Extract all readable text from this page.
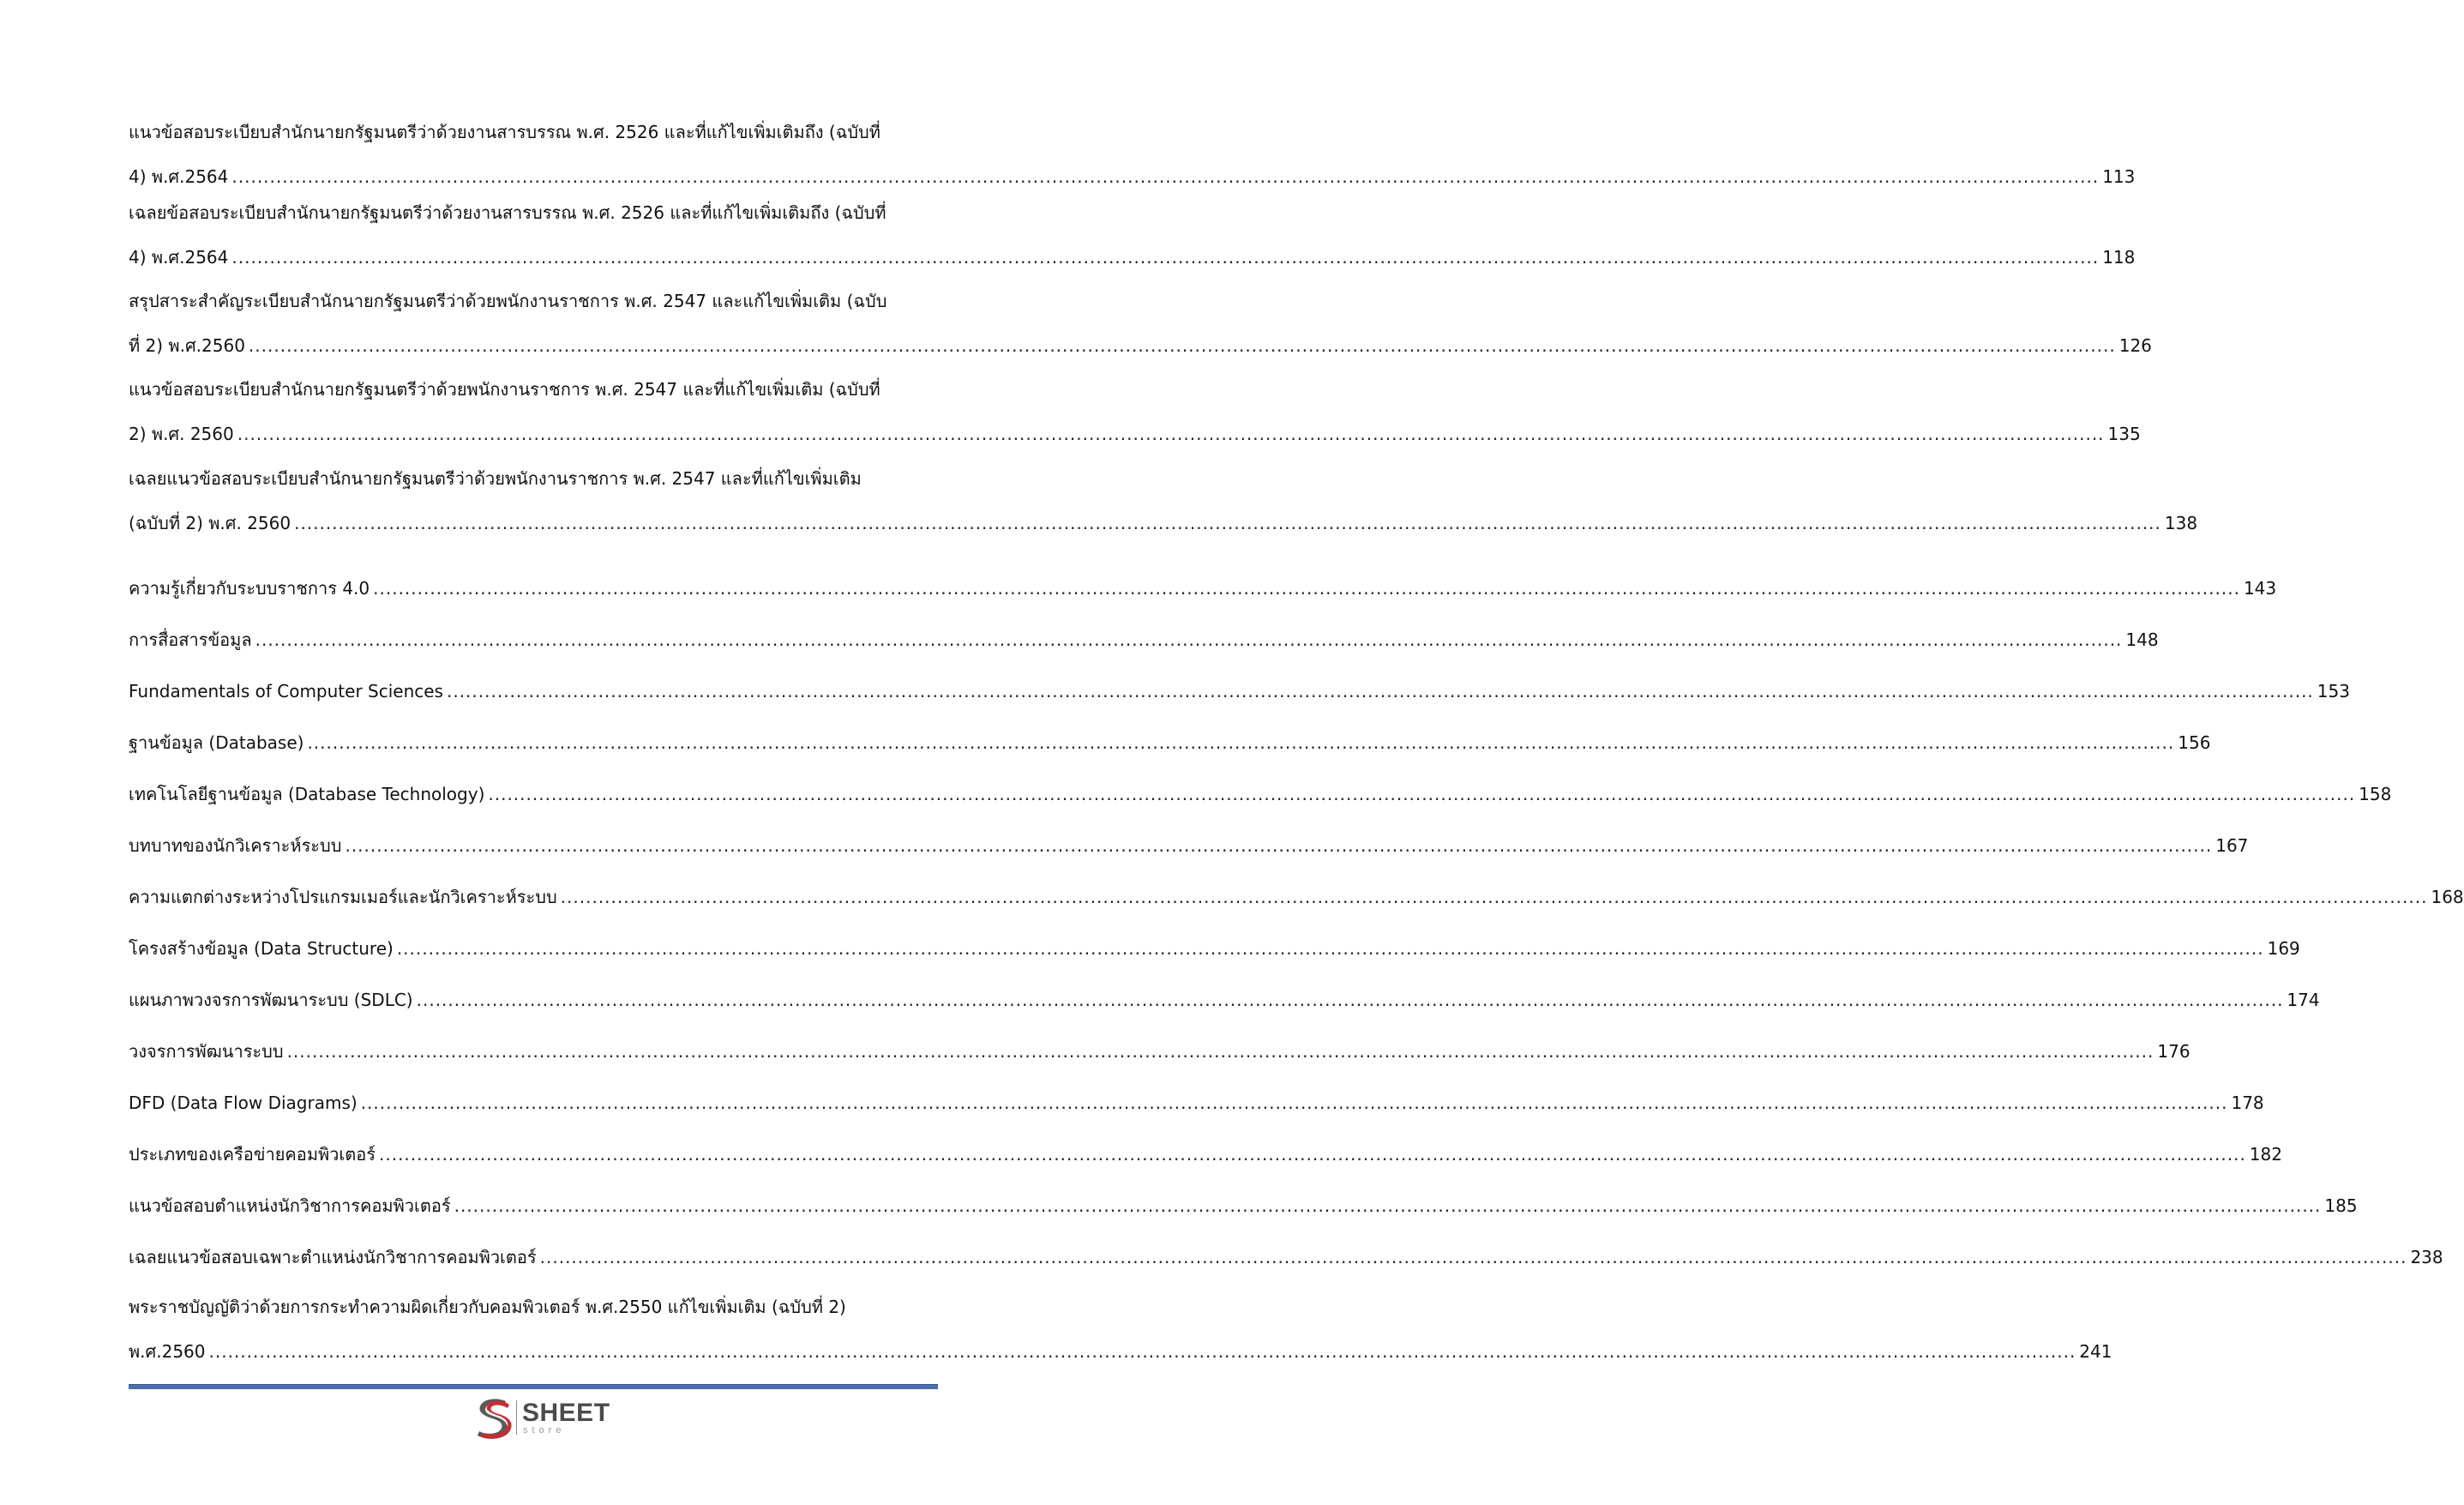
แนวข้อสอบระเบียบสำนักนายกรัฐมนตรีว่าด้วยงานสารบรรณ พ.ศ. 2526 และที่แก้ไขเพิ่มเติมถึง (ฉบับที่
4) พ.ศ.2564 .....	113
เฉลยข้อสอบระเบียบสำนักนายกรัฐมนตรีว่าด้วยงานสารบรรณ พ.ศ. 2526 และที่แก้ไขเพิ่มเติมถึง (ฉบับที่
4) พ.ศ.2564 .....	118
สรุปสาระสำคัญระเบียบสำนักนายกรัฐมนตรีว่าด้วยพนักงานราชการ พ.ศ. 2547 และแก้ไขเพิ่มเติม (ฉบับ
ที่ 2) พ.ศ.2560 .....	126
แนวข้อสอบระเบียบสำนักนายกรัฐมนตรีว่าด้วยพนักงานราชการ พ.ศ. 2547 และที่แก้ไขเพิ่มเติม (ฉบับที่
2) พ.ศ. 2560 .....	135
เฉลยแนวข้อสอบระเบียบสำนักนายกรัฐมนตรีว่าด้วยพนักงานราชการ พ.ศ. 2547 และที่แก้ไขเพิ่มเติม
(ฉบับที่ 2) พ.ศ. 2560 .....	138
ความรู้เกี่ยวกับระบบราชการ 4.0 .....	143
การสื่อสารข้อมูล .....	148
Fundamentals of Computer Sciences .....	153
ฐานข้อมูล (Database) .....	156
เทคโนโลยีฐานข้อมูล (Database Technology) .....	158
บทบาทของนักวิเคราะห์ระบบ .....	167
ความแตกต่างระหว่างโปรแกรมเมอร์และนักวิเคราะห์ระบบ .....	168
โครงสร้างข้อมูล (Data Structure) .....	169
แผนภาพวงจรการพัฒนาระบบ (SDLC) .....	174
วงจรการพัฒนาระบบ .....	176
DFD (Data Flow Diagrams) .....	178
ประเภทของเครือข่ายคอมพิวเตอร์ .....	182
แนวข้อสอบตำแหน่งนักวิชาการคอมพิวเตอร์ .....	185
เฉลยแนวข้อสอบเฉพาะตำแหน่งนักวิชาการคอมพิวเตอร์ .....	238
พระราชบัญญัติว่าด้วยการกระทำความผิดเกี่ยวกับคอมพิวเตอร์ พ.ศ.2550 แก้ไขเพิ่มเติม (ฉบับที่ 2)
พ.ศ.2560 .....	241
SHEET
store
